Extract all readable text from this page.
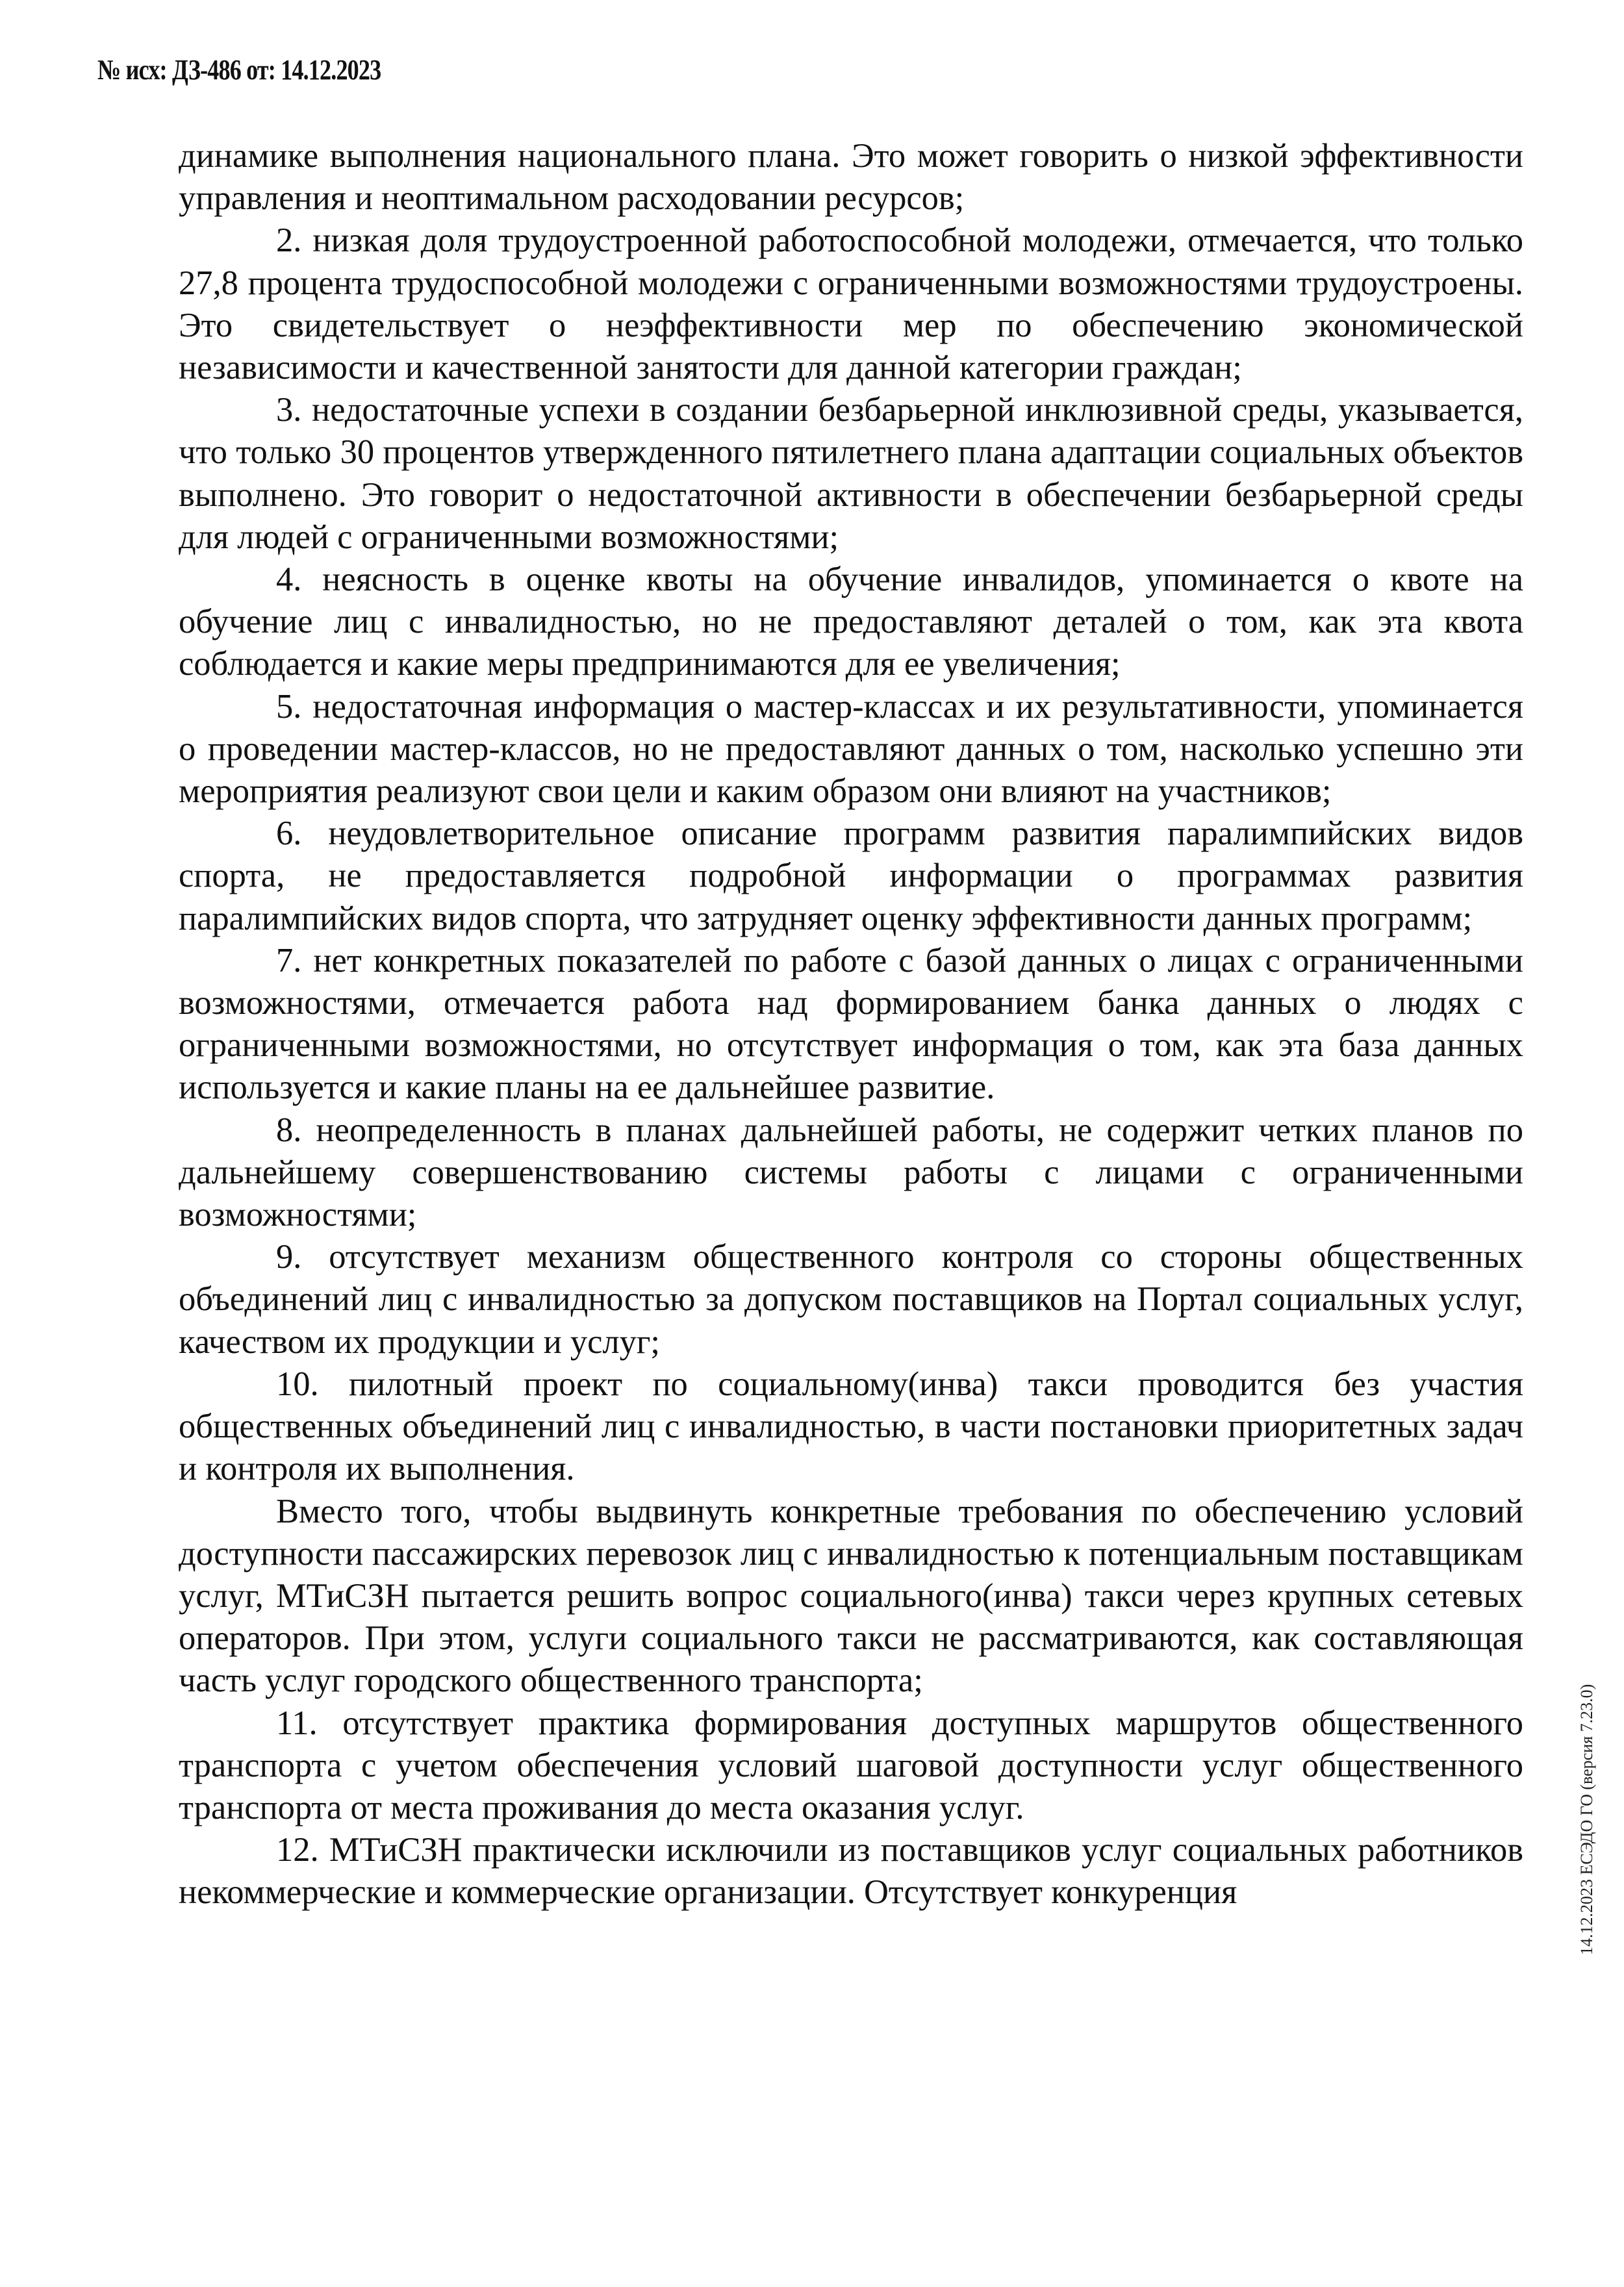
№ исх: ДЗ-486 от: 14.12.2023

динамике выполнения национального плана. Это может говорить о низкой эффективности управления и неоптимальном расходовании ресурсов;

2. низкая доля трудоустроенной работоспособной молодежи, отмечается, что только 27,8 процента трудоспособной молодежи с ограниченными возможностями трудоустроены. Это свидетельствует о неэффективности мер по обеспечению экономической независимости и качественной занятости для данной категории граждан;

3. недостаточные успехи в создании безбарьерной инклюзивной среды, указывается, что только 30 процентов утвержденного пятилетнего плана адаптации социальных объектов выполнено. Это говорит о недостаточной активности в обеспечении безбарьерной среды для людей с ограниченными возможностями;

4. неясность в оценке квоты на обучение инвалидов, упоминается о квоте на обучение лиц с инвалидностью, но не предоставляют деталей о том, как эта квота соблюдается и какие меры предпринимаются для ее увеличения;

5. недостаточная информация о мастер-классах и их результативности, упоминается о проведении мастер-классов, но не предоставляют данных о том, насколько успешно эти мероприятия реализуют свои цели и каким образом они влияют на участников;

6. неудовлетворительное описание программ развития паралимпийских видов спорта, не предоставляется подробной информации о программах развития паралимпийских видов спорта, что затрудняет оценку эффективности данных программ;

7. нет конкретных показателей по работе с базой данных о лицах с ограниченными возможностями, отмечается работа над формированием банка данных о людях с ограниченными возможностями, но отсутствует информация о том, как эта база данных используется и какие планы на ее дальнейшее развитие.

8. неопределенность в планах дальнейшей работы, не содержит четких планов по дальнейшему совершенствованию системы работы с лицами с ограниченными возможностями;

9. отсутствует механизм общественного контроля со стороны общественных объединений лиц с инвалидностью за допуском поставщиков на Портал социальных услуг, качеством их продукции и услуг;

10. пилотный проект по социальному(инва) такси проводится без участия общественных объединений лиц с инвалидностью, в части постановки приоритетных задач и контроля их выполнения.

Вместо того, чтобы выдвинуть конкретные требования по обеспечению условий доступности пассажирских перевозок лиц с инвалидностью к потенциальным поставщикам услуг, МТиСЗН пытается решить вопрос социального(инва) такси через крупных сетевых операторов. При этом, услуги социального такси не рассматриваются, как составляющая часть услуг городского общественного транспорта;

11. отсутствует практика формирования доступных маршрутов общественного транспорта с учетом обеспечения условий шаговой доступности услуг общественного транспорта от места проживания до места оказания услуг.

12. МТиСЗН практически исключили из поставщиков услуг социальных работников некоммерческие и коммерческие организации. Отсутствует конкуренция	14.12.2023 ЕСЭДО ГО (версия 7.23.0)
